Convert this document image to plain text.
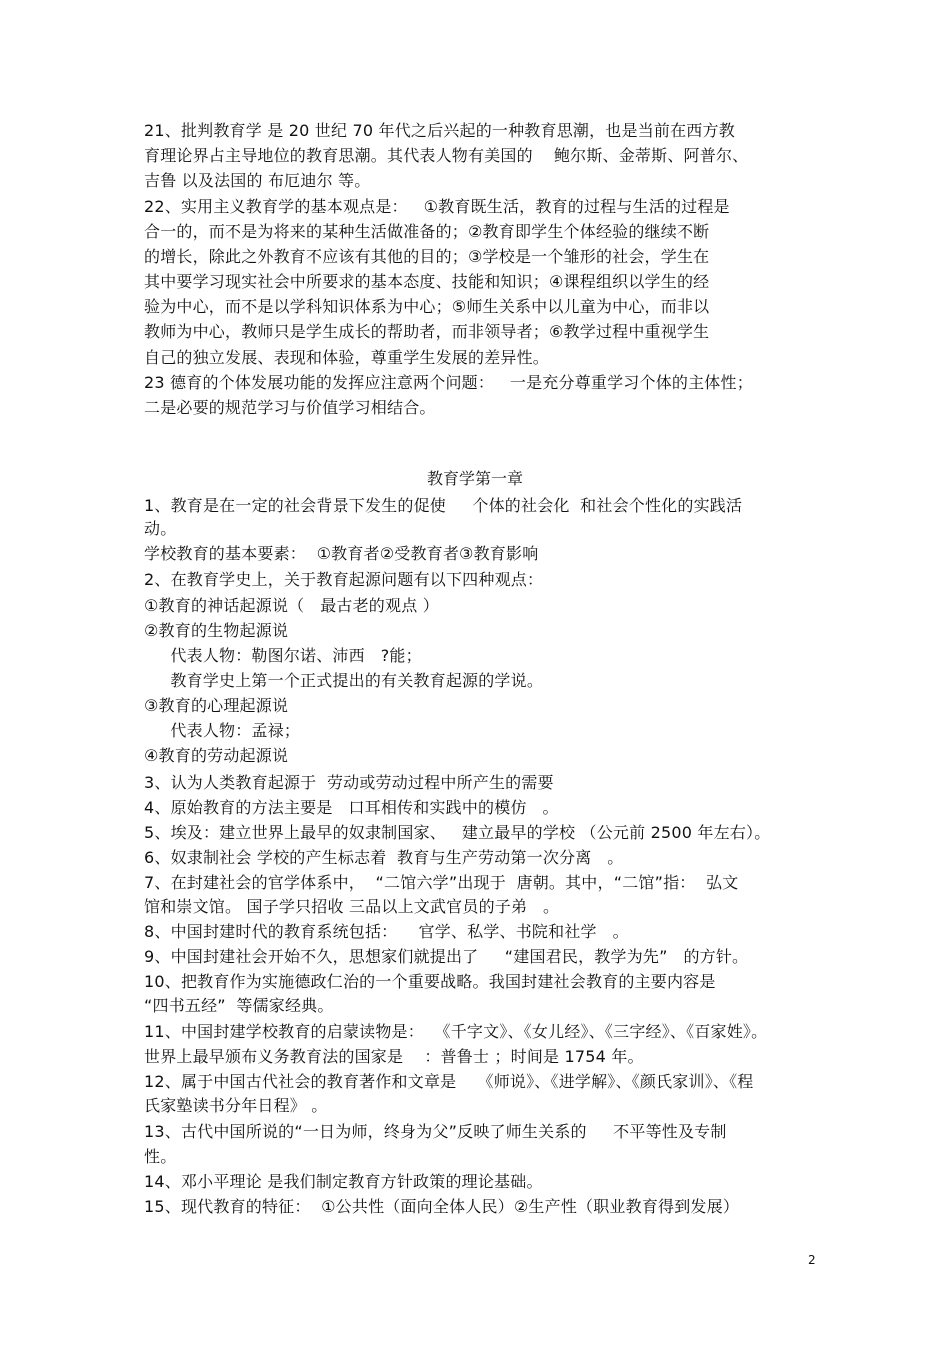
21、批判教育学 是 20 世纪 70 年代之后兴起的一种教育思潮，也是当前在西方教
育理论界占主导地位的教育思潮。其代表人物有美国的    鲍尔斯、金蒂斯、阿普尔、
吉鲁 以及法国的 布厄迪尔 等。
22、实用主义教育学的基本观点是：   ①教育既生活，教育的过程与生活的过程是
合一的，而不是为将来的某种生活做准备的；②教育即学生个体经验的继续不断
的增长，除此之外教育不应该有其他的目的；③学校是一个雏形的社会，学生在
其中要学习现实社会中所要求的基本态度、技能和知识；④课程组织以学生的经
验为中心，而不是以学科知识体系为中心；⑤师生关系中以儿童为中心，而非以
教师为中心，教师只是学生成长的帮助者，而非领导者；⑥教学过程中重视学生
自己的独立发展、表现和体验，尊重学生发展的差异性。
23 德育的个体发展功能的发挥应注意两个问题：   一是充分尊重学习个体的主体性；
二是必要的规范学习与价值学习相结合。
教育学第一章
1、教育是在一定的社会背景下发生的促使     个体的社会化  和社会个性化的实践活
动。
学校教育的基本要素：  ①教育者②受教育者③教育影响
2、在教育学史上，关于教育起源问题有以下四种观点：
①教育的神话起源说（   最古老的观点 ）
②教育的生物起源说
代表人物：勒图尔诺、沛西   ?能；
教育学史上第一个正式提出的有关教育起源的学说。
③教育的心理起源说
代表人物：孟禄；
④教育的劳动起源说
3、认为人类教育起源于  劳动或劳动过程中所产生的需要
4、原始教育的方法主要是   口耳相传和实践中的模仿   。
5、埃及：建立世界上最早的奴隶制国家、   建立最早的学校 （公元前 2500 年左右）。
6、奴隶制社会 学校的产生标志着  教育与生产劳动第一次分离   。
7、在封建社会的官学体系中，  “二馆六学”出现于  唐朝。其中，“二馆”指：  弘文
馆和崇文馆。 国子学只招收 三品以上文武官员的子弟   。
8、中国封建时代的教育系统包括：    官学、私学、书院和社学   。
9、中国封建社会开始不久，思想家们就提出了     “建国君民，教学为先”   的方针。
10、把教育作为实施德政仁治的一个重要战略。我国封建社会教育的主要内容是
“四书五经”  等儒家经典。
11、中国封建学校教育的启蒙读物是：  《千字文》、《女儿经》、《三字经》、《百家姓》。
世界上最早颁布义务教育法的国家是    ：普鲁士 ；时间是 1754 年。
12、属于中国古代社会的教育著作和文章是    《师说》、《进学解》、《颜氏家训》、《程
氏家塾读书分年日程》 。
13、古代中国所说的“一日为师，终身为父”反映了师生关系的     不平等性及专制
性。
14、邓小平理论 是我们制定教育方针政策的理论基础。
15、现代教育的特征：  ①公共性（面向全体人民）②生产性（职业教育得到发展）
2
